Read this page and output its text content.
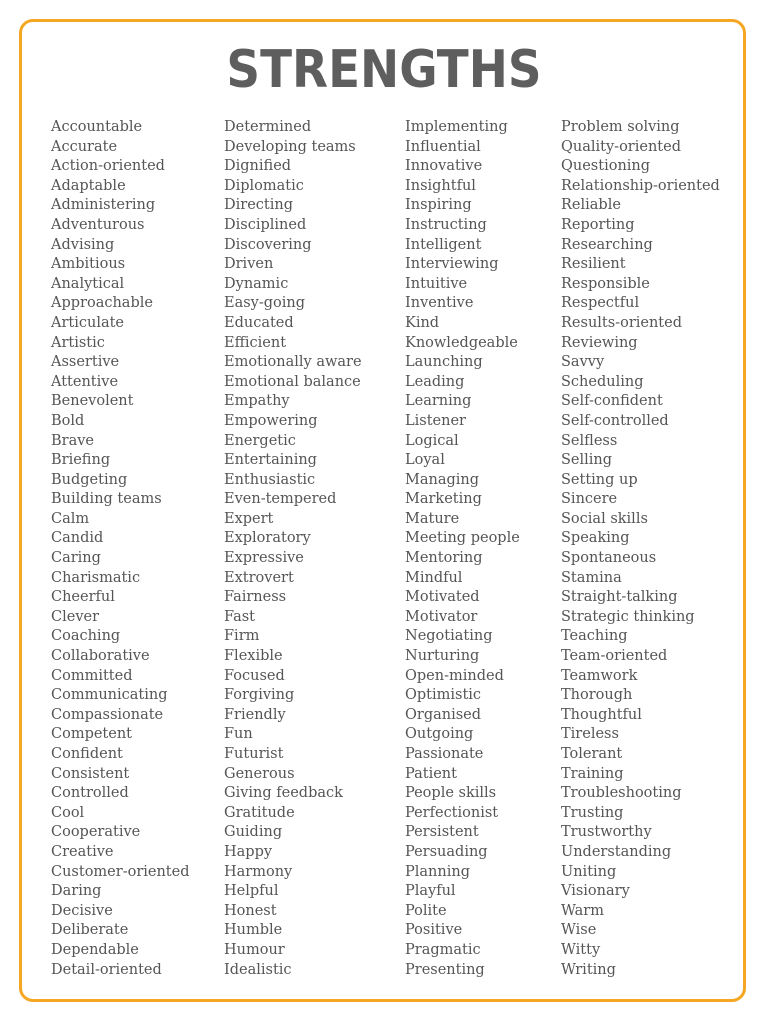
STRENGTHS
Accountable
Accurate
Action-oriented
Adaptable
Administering
Adventurous
Advising
Ambitious
Analytical
Approachable
Articulate
Artistic
Assertive
Attentive
Benevolent
Bold
Brave
Briefing
Budgeting
Building teams
Calm
Candid
Caring
Charismatic
Cheerful
Clever
Coaching
Collaborative
Committed
Communicating
Compassionate
Competent
Confident
Consistent
Controlled
Cool
Cooperative
Creative
Customer-oriented
Daring
Decisive
Deliberate
Dependable
Detail-oriented
Determined
Developing teams
Dignified
Diplomatic
Directing
Disciplined
Discovering
Driven
Dynamic
Easy-going
Educated
Efficient
Emotionally aware
Emotional balance
Empathy
Empowering
Energetic
Entertaining
Enthusiastic
Even-tempered
Expert
Exploratory
Expressive
Extrovert
Fairness
Fast
Firm
Flexible
Focused
Forgiving
Friendly
Fun
Futurist
Generous
Giving feedback
Gratitude
Guiding
Happy
Harmony
Helpful
Honest
Humble
Humour
Idealistic
Implementing
Influential
Innovative
Insightful
Inspiring
Instructing
Intelligent
Interviewing
Intuitive
Inventive
Kind
Knowledgeable
Launching
Leading
Learning
Listener
Logical
Loyal
Managing
Marketing
Mature
Meeting people
Mentoring
Mindful
Motivated
Motivator
Negotiating
Nurturing
Open-minded
Optimistic
Organised
Outgoing
Passionate
Patient
People skills
Perfectionist
Persistent
Persuading
Planning
Playful
Polite
Positive
Pragmatic
Presenting
Problem solving
Quality-oriented
Questioning
Relationship-oriented
Reliable
Reporting
Researching
Resilient
Responsible
Respectful
Results-oriented
Reviewing
Savvy
Scheduling
Self-confident
Self-controlled
Selfless
Selling
Setting up
Sincere
Social skills
Speaking
Spontaneous
Stamina
Straight-talking
Strategic thinking
Teaching
Team-oriented
Teamwork
Thorough
Thoughtful
Tireless
Tolerant
Training
Troubleshooting
Trusting
Trustworthy
Understanding
Uniting
Visionary
Warm
Wise
Witty
Writing
